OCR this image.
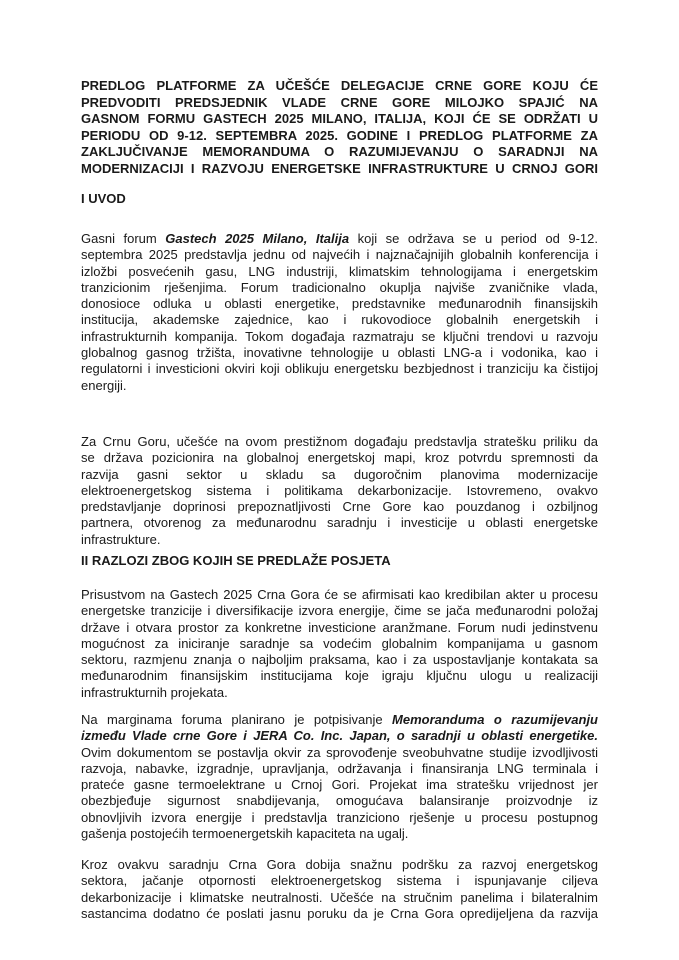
PREDLOG PLATFORME ZA UČEŠĆE DELEGACIJE CRNE GORE KOJU ĆE
PREDVODITI PREDSJEDNIK VLADE CRNE GORE MILOJKO SPAJIĆ NA
GASNOM FORMU GASTECH 2025 MILANO, ITALIJA, KOJI ĆE SE ODRŽATI U
PERIODU OD 9-12. SEPTEMBRA 2025. GODINE I PREDLOG PLATFORME ZA
ZAKLJUČIVANJE MEMORANDUMA O RAZUMIJEVANJU O SARADNJI NA
MODERNIZACIJI I RAZVOJU ENERGETSKE INFRASTRUKTURE U CRNOJ GORI
I UVOD
Gasni forum Gastech 2025 Milano, Italija koji se održava se u period od 9-12.
septembra 2025 predstavlja jednu od najvećih i najznačajnijih globalnih konferencija i
izložbi posvećenih gasu, LNG industriji, klimatskim tehnologijama i energetskim
tranzicionim rješenjima. Forum tradicionalno okuplja najviše zvaničnike vlada,
donosioce odluka u oblasti energetike, predstavnike međunarodnih finansijskih
institucija, akademske zajednice, kao i rukovodioce globalnih energetskih i
infrastrukturnih kompanija. Tokom događaja razmatraju se ključni trendovi u razvoju
globalnog gasnog tržišta, inovativne tehnologije u oblasti LNG-a i vodonika, kao i
regulatorni i investicioni okviri koji oblikuju energetsku bezbjednost i tranziciju ka čistijoj
energiji.
Za Crnu Goru, učešće na ovom prestižnom događaju predstavlja stratešku priliku da
se država pozicionira na globalnoj energetskoj mapi, kroz potvrdu spremnosti da
razvija gasni sektor u skladu sa dugoročnim planovima modernizacije
elektroenergetskog sistema i politikama dekarbonizacije. Istovremeno, ovakvo
predstavljanje doprinosi prepoznatljivosti Crne Gore kao pouzdanog i ozbiljnog
partnera, otvorenog za međunarodnu saradnju i investicije u oblasti energetske
infrastrukture.
II RAZLOZI ZBOG KOJIH SE PREDLAŽE POSJETA
Prisustvom na Gastech 2025 Crna Gora će se afirmisati kao kredibilan akter u procesu
energetske tranzicije i diversifikacije izvora energije, čime se jača međunarodni položaj
države i otvara prostor za konkretne investicione aranžmane. Forum nudi jedinstvenu
mogućnost za iniciranje saradnje sa vodećim globalnim kompanijama u gasnom
sektoru, razmjenu znanja o najboljim praksama, kao i za uspostavljanje kontakata sa
međunarodnim finansijskim institucijama koje igraju ključnu ulogu u realizaciji
infrastrukturnih projekata.
Na marginama foruma planirano je potpisivanje Memoranduma o razumijevanju
između Vlade crne Gore i JERA Co. Inc. Japan, o saradnji u oblasti energetike.
Ovim dokumentom se postavlja okvir za sprovođenje sveobuhvatne studije izvodljivosti
razvoja, nabavke, izgradnje, upravljanja, održavanja i finansiranja LNG terminala i
prateće gasne termoelektrane u Crnoj Gori. Projekat ima stratešku vrijednost jer
obezbjeđuje sigurnost snabdijevanja, omogućava balansiranje proizvodnje iz
obnovljivih izvora energije i predstavlja tranziciono rješenje u procesu postupnog
gašenja postojećih termoenergetskih kapaciteta na ugalj.
Kroz ovakvu saradnju Crna Gora dobija snažnu podršku za razvoj energetskog
sektora, jačanje otpornosti elektroenergetskog sistema i ispunjavanje ciljeva
dekarbonizacije i klimatske neutralnosti. Učešće na stručnim panelima i bilateralnim
sastancima dodatno će poslati jasnu poruku da je Crna Gora opredijeljena da razvija
